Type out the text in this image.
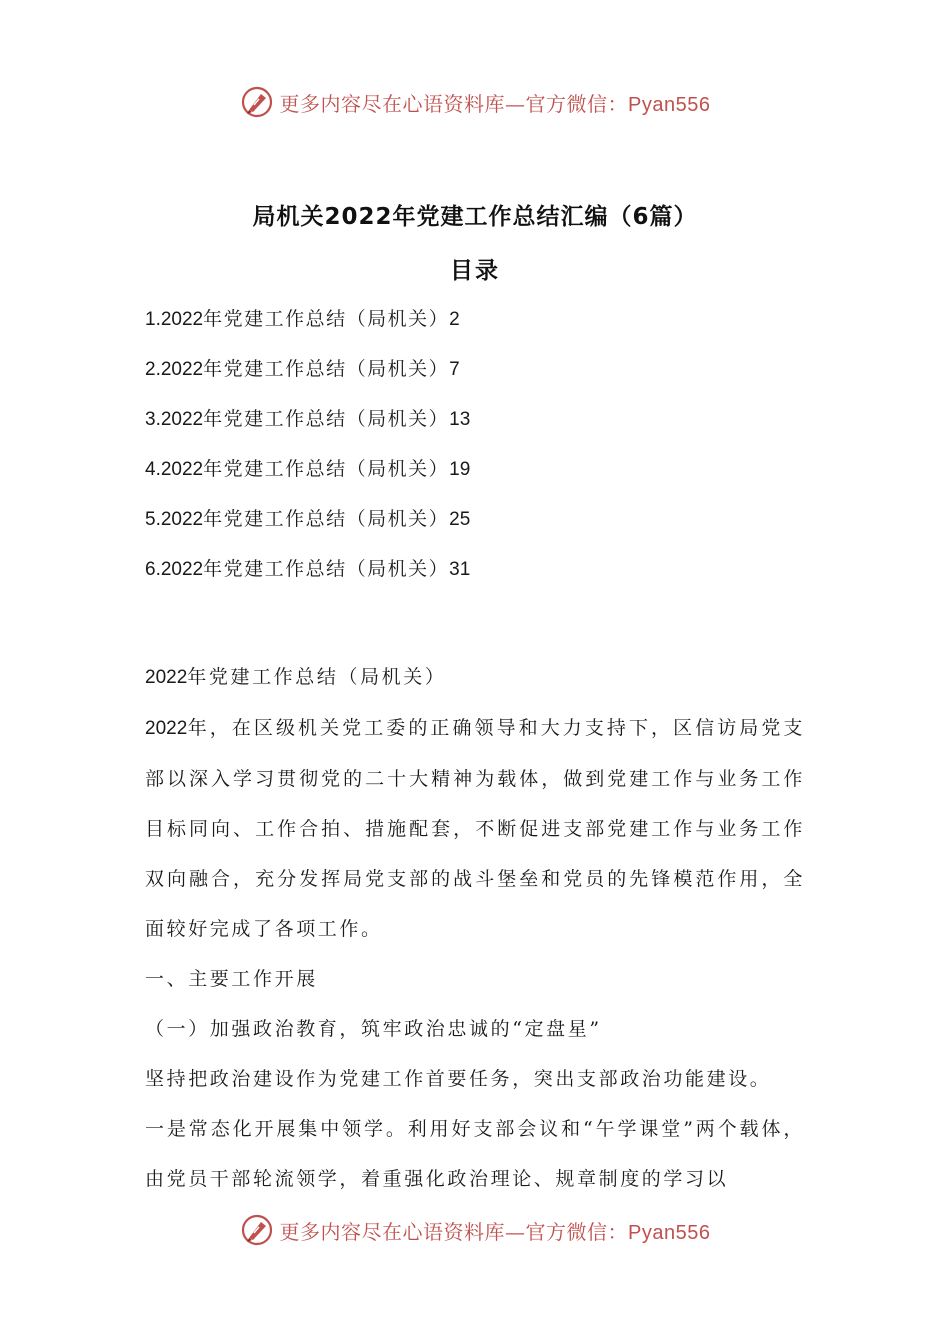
更多内容尽在心语资料库—官方微信：Pyan556
局机关2022年党建工作总结汇编（6篇）
目录
1.2022年党建工作总结（局机关）2
2.2022年党建工作总结（局机关）7
3.2022年党建工作总结（局机关）13
4.2022年党建工作总结（局机关）19
5.2022年党建工作总结（局机关）25
6.2022年党建工作总结（局机关）31

2022年党建工作总结（局机关）

2022年，在区级机关党工委的正确领导和大力支持下，区信访局党支部以深入学习贯彻党的二十大精神为载体，做到党建工作与业务工作目标同向、工作合拍、措施配套，不断促进支部党建工作与业务工作双向融合，充分发挥局党支部的战斗堡垒和党员的先锋模范作用，全面较好完成了各项工作。

一、主要工作开展

（一）加强政治教育，筑牢政治忠诚的“定盘星”

坚持把政治建设作为党建工作首要任务，突出支部政治功能建设。

一是常态化开展集中领学。利用好支部会议和“午学课堂”两个载体，由党员干部轮流领学，着重强化政治理论、规章制度的学习以

更多内容尽在心语资料库—官方微信：Pyan556
